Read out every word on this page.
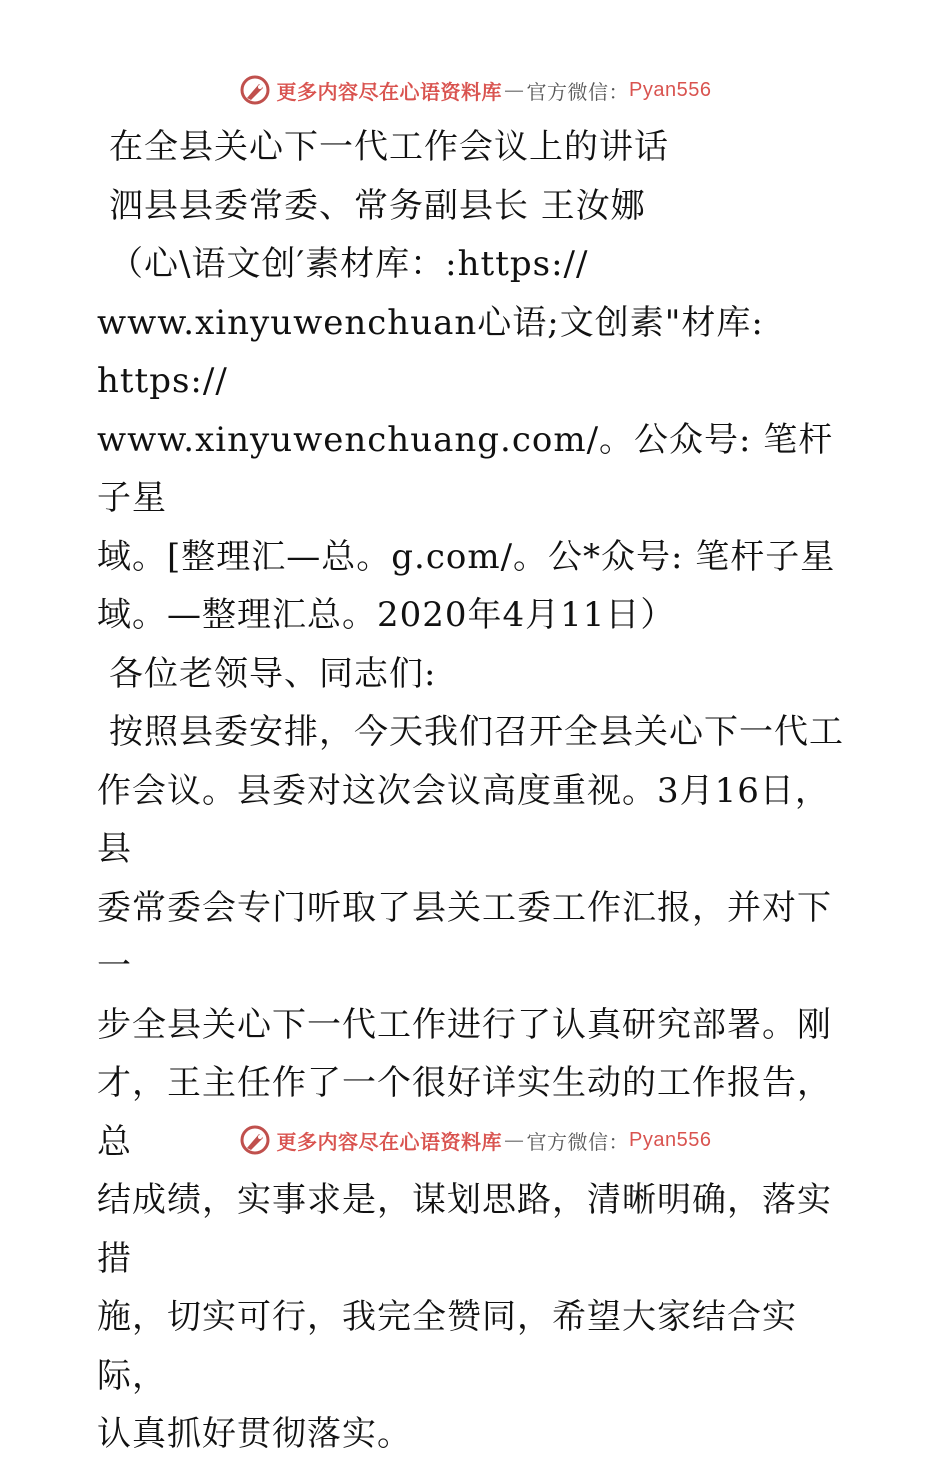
更多内容尽在心语资料库 — 官方微信： Pyan556

在全县关心下一代工作会议上的讲话

泗县县委常委、常务副县长 王汝娜

（心\语文创′素材库：:https://

www.xinyuwenchuan心语;文创素"材库: https://

www.xinyuwenchuang.com/。公众号: 笔杆子星

域。[整理汇—总。g.com/。公*众号: 笔杆子星

域。—整理汇总。2020年4月11日）

各位老领导、同志们:

按照县委安排，今天我们召开全县关心下一代工

作会议。县委对这次会议高度重视。3月16日，县

委常委会专门听取了县关工委工作汇报，并对下一

步全县关心下一代工作进行了认真研究部署。刚

才，王主任作了一个很好详实生动的工作报告，总

结成绩，实事求是，谋划思路，清晰明确，落实措

施，切实可行，我完全赞同，希望大家结合实际，

认真抓好贯彻落实。

更多内容尽在心语资料库 — 官方微信： Pyan556
